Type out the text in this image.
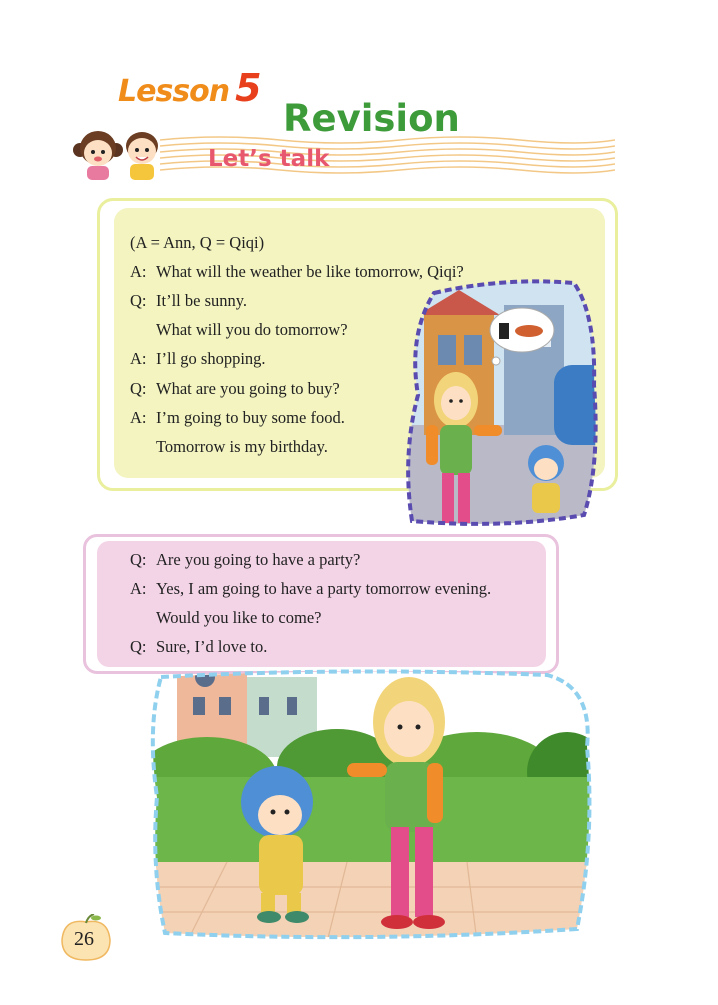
Lesson 5
Revision
Let’s talk
(A = Ann, Q = Qiqi)
A: What will the weather be like tomorrow, Qiqi?
Q: It’ll be sunny.
What will you do tomorrow?
A: I’ll go shopping.
Q: What are you going to buy?
A: I’m going to buy some food.
Tomorrow is my birthday.
Q: Are you going to have a party?
A: Yes, I am going to have a party tomorrow evening.
Would you like to come?
Q: Sure, I’d love to.
26
